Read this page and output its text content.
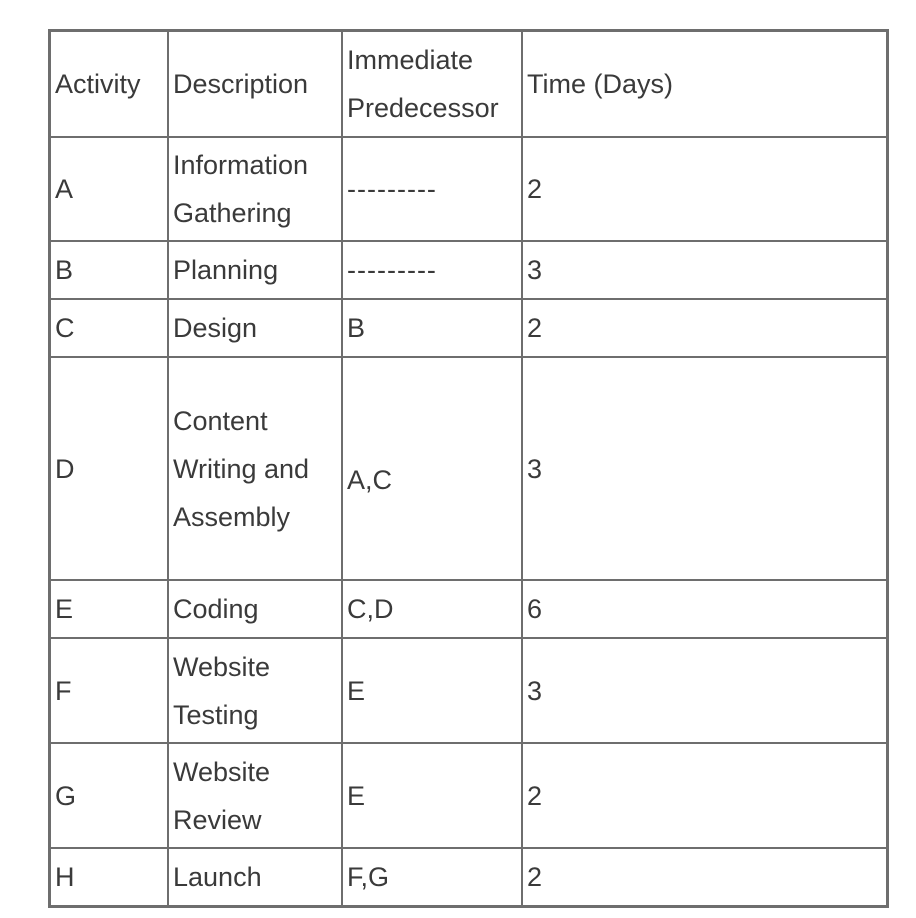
Activity	Description	Immediate Predecessor	Time (Days)
A	Information Gathering	---------	2
B	Planning	---------	3
C	Design	B	2
D	Content Writing and Assembly	A,C	3
E	Coding	C,D	6
F	Website Testing	E	3
G	Website Review	E	2
H	Launch	F,G	2
